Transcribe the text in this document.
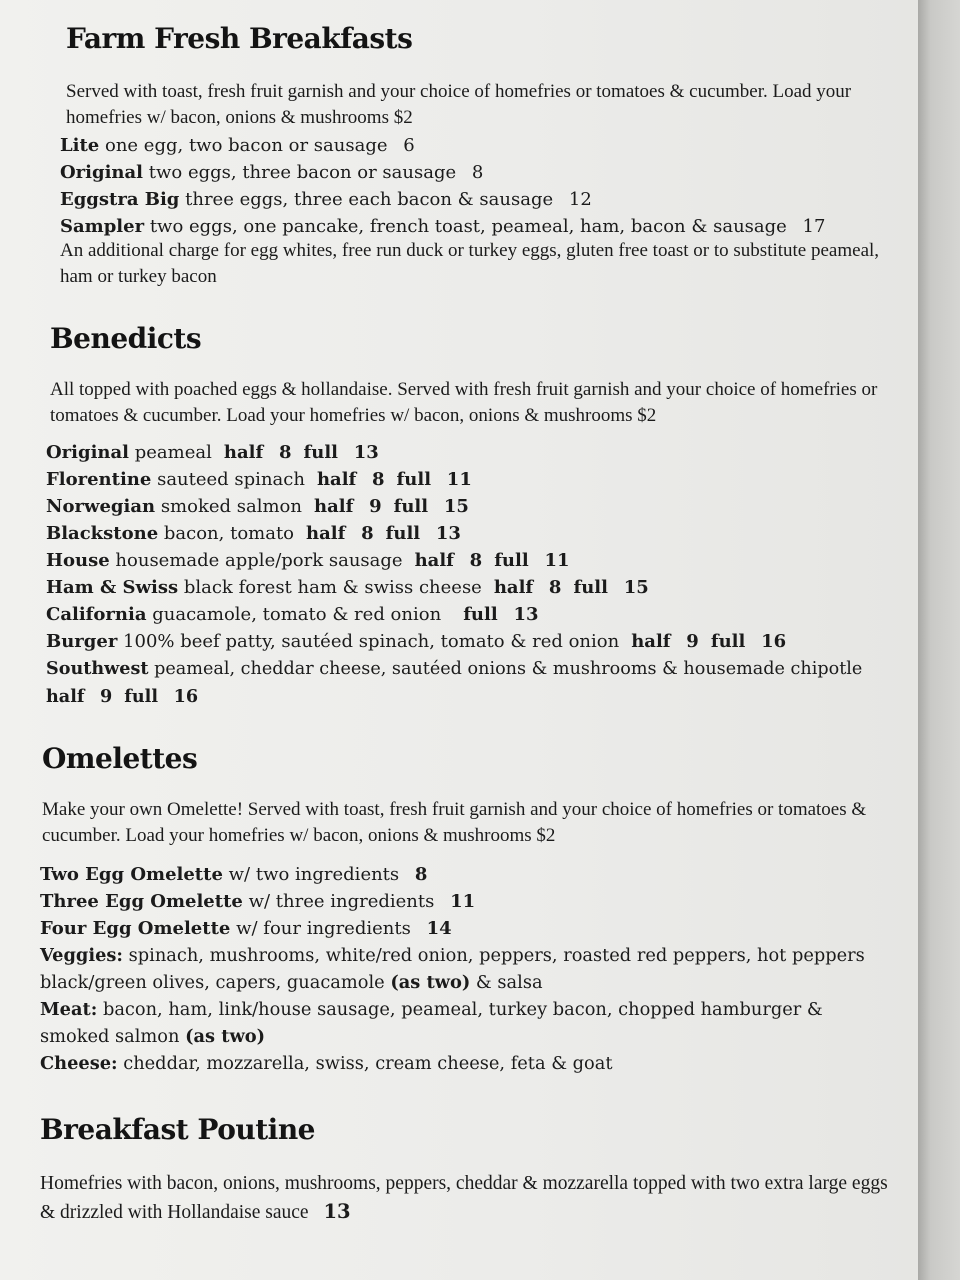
Farm Fresh Breakfasts

Served with toast, fresh fruit garnish and your choice of homefries or tomatoes & cucumber. Load your homefries w/ bacon, onions & mushrooms $2

Lite one egg, two bacon or sausage 6

Original two eggs, three bacon or sausage 8

Eggstra Big three eggs, three each bacon & sausage 12

Sampler two eggs, one pancake, french toast, peameal, ham, bacon & sausage 17

An additional charge for egg whites, free run duck or turkey eggs, gluten free toast or to substitute peameal, ham or turkey bacon

Benedicts

All topped with poached eggs & hollandaise. Served with fresh fruit garnish and your choice of homefries or tomatoes & cucumber. Load your homefries w/ bacon, onions & mushrooms $2

Original peameal half 8 full 13

Florentine sauteed spinach half 8 full 11

Norwegian smoked salmon half 9 full 15

Blackstone bacon, tomato half 8 full 13

House housemade apple/pork sausage half 8 full 11

Ham & Swiss black forest ham & swiss cheese half 8 full 15

California guacamole, tomato & red onion full 13

Burger 100% beef patty, sautéed spinach, tomato & red onion half 9 full 16

Southwest peameal, cheddar cheese, sautéed onions & mushrooms & housemade chipotle
half 9 full 16

Omelettes

Make your own Omelette! Served with toast, fresh fruit garnish and your choice of homefries or tomatoes & cucumber. Load your homefries w/ bacon, onions & mushrooms $2

Two Egg Omelette w/ two ingredients 8

Three Egg Omelette w/ three ingredients 11

Four Egg Omelette w/ four ingredients 14

Veggies: spinach, mushrooms, white/red onion, peppers, roasted red peppers, hot peppers black/green olives, capers, guacamole (as two) & salsa

Meat: bacon, ham, link/house sausage, peameal, turkey bacon, chopped hamburger & smoked salmon (as two)

Cheese: cheddar, mozzarella, swiss, cream cheese, feta & goat

Breakfast Poutine

Homefries with bacon, onions, mushrooms, peppers, cheddar & mozzarella topped with two extra large eggs & drizzled with Hollandaise sauce 13
